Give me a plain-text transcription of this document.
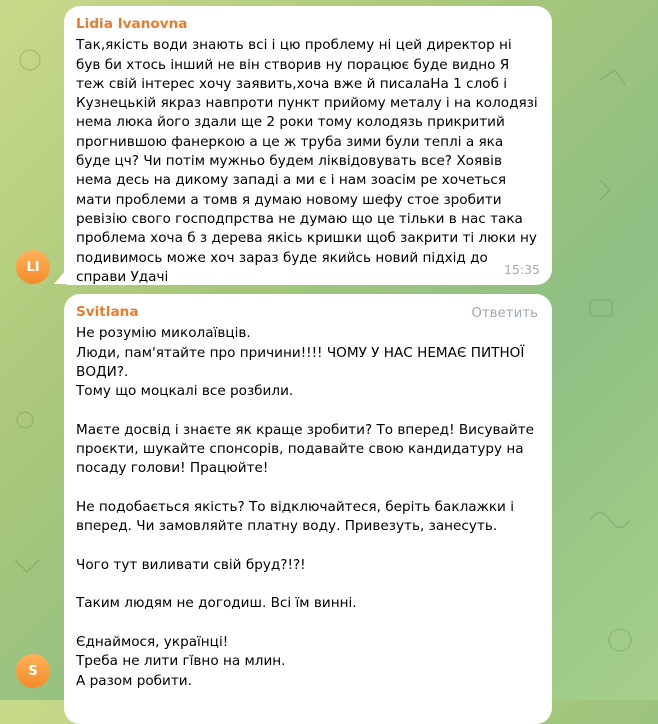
LI
Lidia Ivanovna
Так,якість води знають всі і цю проблему ні цей директор ні був би хтось інший не він створив ну порацює буде видно Я теж свій інтерес хочу заявить,хоча вже й писалаНа 1 слоб і Кузнецькій якраз навпроти пункт прийому металу і на колодязі нема люка його здали ще 2 роки тому колодязь прикритий прогнившою фанеркою а це ж труба зими були теплі а яка буде цч? Чи потім мужньо будем ліквідовувать все? Хоявів нема десь на дикому западі а ми є і нам зоасім ре хочеться мати проблеми а томв я думаю новому шефу стое зробити ревізію свого господпрства не думаю що це тільки в нас така проблема хоча б з дерева якісь кришки щоб закрити ті люки ну подивимось може хоч зараз буде якийсь новий підхід до справи Удачі	15:35
S
Svitlana	Ответить
Не розумію миколаївців.
Люди, пам'ятайте про причини!!!! ЧОМУ У НАС НЕМАЄ ПИТНОЇ ВОДИ?.
Тому що моцкалі все розбили.

Маєте досвід і знаєте як краще зробити? То вперед! Висувайте проєкти, шукайте спонсорів, подавайте свою кандидатуру на посаду голови! Працюйте!

Не подобається якість? То відключайтеся, беріть баклажки і вперед. Чи замовляйте платну воду. Привезуть, занесуть.

Чого тут виливати свій бруд?!?!

Таким людям не догодиш. Всі їм винні.

Єднаймося, українці!
Требa не лити гі̆вно на млин.
А разом робити.
